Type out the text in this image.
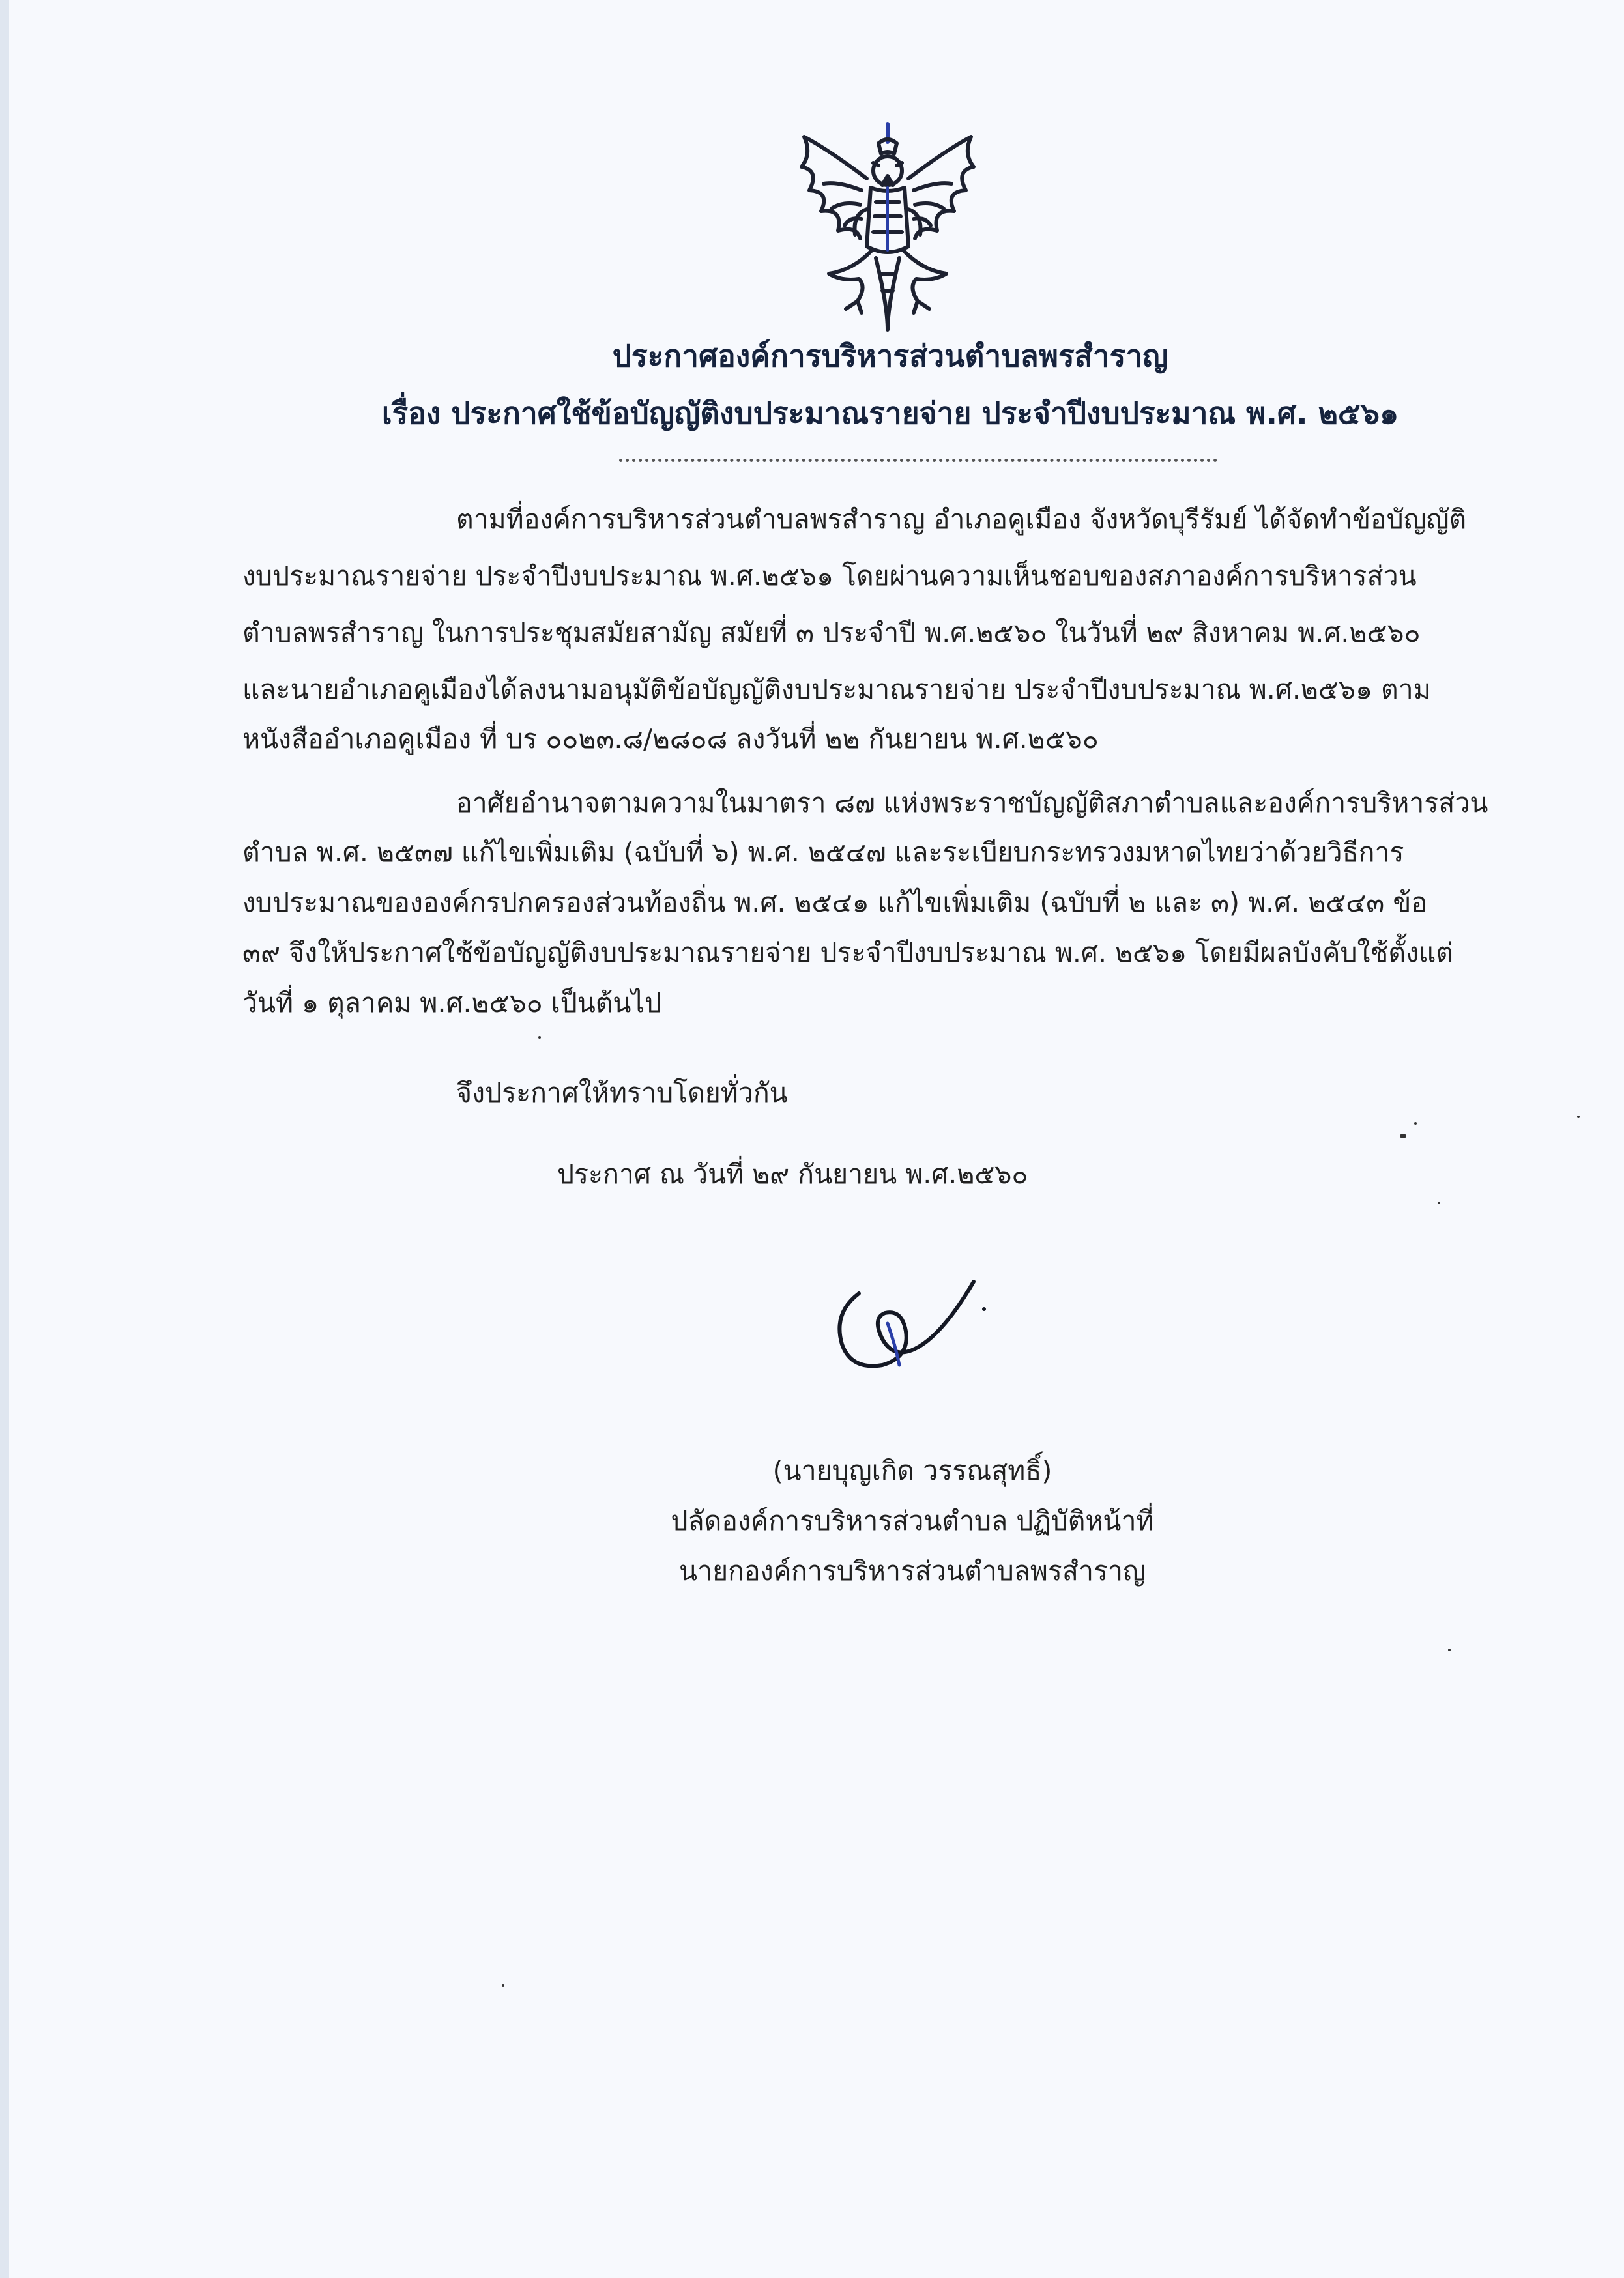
ประกาศองค์การบริหารส่วนตำบลพรสำราญ
เรื่อง ประกาศใช้ข้อบัญญัติงบประมาณรายจ่าย ประจำปีงบประมาณ พ.ศ. ๒๕๖๑
ตามที่องค์การบริหารส่วนตำบลพรสำราญ อำเภอคูเมือง จังหวัดบุรีรัมย์ ได้จัดทำข้อบัญญัติ
งบประมาณรายจ่าย ประจำปีงบประมาณ พ.ศ.๒๕๖๑ โดยผ่านความเห็นชอบของสภาองค์การบริหารส่วน
ตำบลพรสำราญ ในการประชุมสมัยสามัญ สมัยที่ ๓ ประจำปี พ.ศ.๒๕๖๐ ในวันที่ ๒๙ สิงหาคม พ.ศ.๒๕๖๐
และนายอำเภอคูเมืองได้ลงนามอนุมัติข้อบัญญัติงบประมาณรายจ่าย ประจำปีงบประมาณ พ.ศ.๒๕๖๑ ตาม
หนังสืออำเภอคูเมือง ที่ บร ๐๐๒๓.๘/๒๘๐๘ ลงวันที่ ๒๒ กันยายน พ.ศ.๒๕๖๐
อาศัยอำนาจตามความในมาตรา ๘๗ แห่งพระราชบัญญัติสภาตำบลและองค์การบริหารส่วน
ตำบล พ.ศ. ๒๕๓๗ แก้ไขเพิ่มเติม (ฉบับที่ ๖) พ.ศ. ๒๕๔๗ และระเบียบกระทรวงมหาดไทยว่าด้วยวิธีการ
งบประมาณขององค์กรปกครองส่วนท้องถิ่น พ.ศ. ๒๕๔๑ แก้ไขเพิ่มเติม (ฉบับที่ ๒ และ ๓) พ.ศ. ๒๕๔๓ ข้อ
๓๙ จึงให้ประกาศใช้ข้อบัญญัติงบประมาณรายจ่าย ประจำปีงบประมาณ พ.ศ. ๒๕๖๑ โดยมีผลบังคับใช้ตั้งแต่
วันที่ ๑ ตุลาคม พ.ศ.๒๕๖๐ เป็นต้นไป
จึงประกาศให้ทราบโดยทั่วกัน
ประกาศ ณ วันที่ ๒๙ กันยายน พ.ศ.๒๕๖๐
(นายบุญเกิด วรรณสุทธิ์)
ปลัดองค์การบริหารส่วนตำบล ปฏิบัติหน้าที่
นายกองค์การบริหารส่วนตำบลพรสำราญ
